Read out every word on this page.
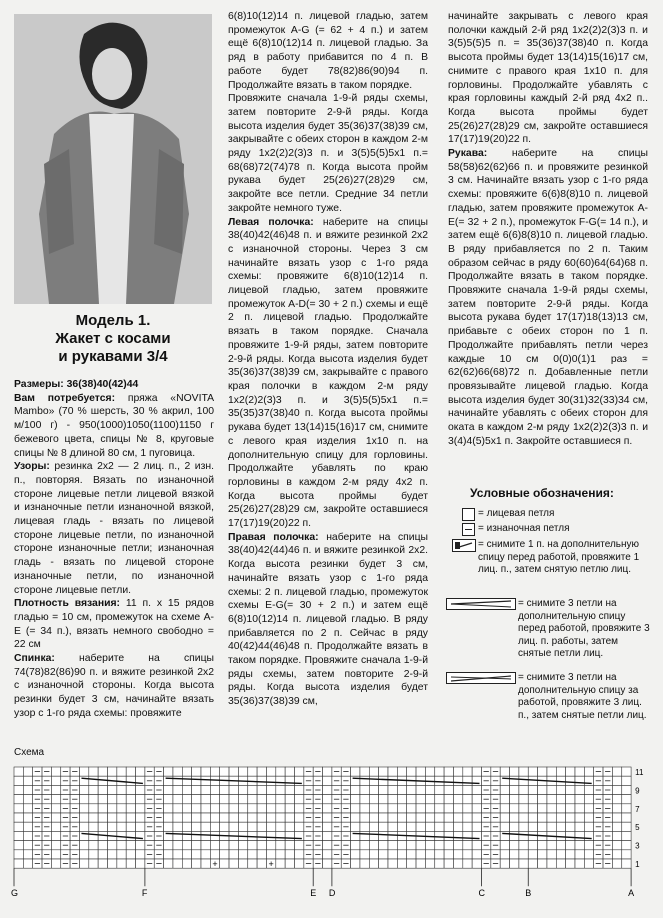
Модель 1.
Жакет с косами
и рукавами 3/4

Размеры: 36(38)40(42)44

Вам потребуется: пряжа «NOVITA Mambo» (70 % шерсть, 30 % акрил, 100 м/100 г) - 950(1000)1050(1100)1150 г бежевого цвета, спицы № 8, круговые спицы № 8 длиной 80 см, 1 пуговица.

Узоры: резинка 2х2 — 2 лиц. п., 2 изн. п., повторяя. Вязать по изнаночной стороне лицевые петли лицевой вязкой и изнаночные петли изнаночной вязкой, лицевая гладь - вязать по лицевой стороне лицевые петли, по изнаночной стороне изнаночные петли; изнаночная гладь - вязать по лицевой стороне изнаночные петли, по изнаночной стороне лицевые петли.

Плотность вязания: 11 п. х 15 рядов гладью = 10 см, промежуток на схеме A-E (= 34 п.), вязать немного свободно = 22 см

Спинка: наберите на спицы 74(78)82(86)90 п. и вяжите резинкой 2х2 с изнаночной стороны. Когда высота резинки будет 3 см, начинайте вязать узор с 1-го ряда схемы: провяжите

6(8)10(12)14 п. лицевой гладью, затем промежуток A-G (= 62 + 4 п.) и затем ещё 6(8)10(12)14 п. лицевой гладью. За ряд в работу прибавится по 4 п. В работе будет 78(82)86(90)94 п. Продолжайте вязать в таком порядке.

Провяжите сначала 1-9-й ряды схемы, затем повторите 2-9-й ряды. Когда высота изделия будет 35(36)37(38)39 см, закрывайте с обеих сторон в каждом 2-м ряду 1х2(2)2(3)3 п. и 3(5)5(5)5х1 п.= 68(68)72(74)78 п. Когда высота пройм рукава будет 25(26)27(28)29 см, закройте все петли. Средние 34 петли закройте немного туже.

Левая полочка: наберите на спицы 38(40)42(46)48 п. и вяжите резинкой 2х2 с изнаночной стороны. Через 3 см начинайте вязать узор с 1-го ряда схемы: провяжите 6(8)10(12)14 п. лицевой гладью, затем провяжите промежуток A-D(= 30 + 2 п.) схемы и ещё 2 п. лицевой гладью. Продолжайте вязать в таком порядке. Сначала провяжите 1-9-й ряды, затем повторите 2-9-й ряды. Когда высота изделия будет 35(36)37(38)39 см, закрывайте с правого края полочки в каждом 2-м ряду 1х2(2)2(3)3 п. и 3(5)5(5)5х1 п.= 35(35)37(38)40 п. Когда высота проймы рукава будет 13(14)15(16)17 см, снимите с левого края изделия 1х10 п. на дополнительную спицу для горловины. Продолжайте убавлять по краю горловины в каждом 2-м ряду 4х2 п. Когда высота проймы будет 25(26)27(28)29 см, закройте оставшиеся 17(17)19(20)22 п.

Правая полочка: наберите на спицы 38(40)42(44)46 п. и вяжите резинкой 2х2. Когда высота резинки будет 3 см, начинайте вязать узор с 1-го ряда схемы: 2 п. лицевой гладью, промежуток схемы E-G(= 30 + 2 п.) и затем ещё 6(8)10(12)14 п. лицевой гладью. В ряду прибавляется по 2 п. Сейчас в ряду 40(42)44(46)48 п. Продолжайте вязать в таком порядке. Провяжите сначала 1-9-й ряды схемы, затем повторите 2-9-й ряды. Когда высота изделия будет 35(36)37(38)39 см,

начинайте закрывать с левого края полочки каждый 2-й ряд 1х2(2)2(3)3 п. и 3(5)5(5)5 п. = 35(36)37(38)40 п. Когда высота проймы будет 13(14)15(16)17 см, снимите с правого края 1х10 п. для горловины. Продолжайте убавлять с края горловины каждый 2-й ряд 4х2 п.. Когда высота проймы будет 25(26)27(28)29 см, закройте оставшиеся 17(17)19(20)22 п.

Рукава: наберите на спицы 58(58)62(62)66 п. и провяжите резинкой 3 см. Начинайте вязать узор с 1-го ряда схемы: провяжите 6(6)8(8)10 п. лицевой гладью, затем провяжите промежуток A-E(= 32 + 2 п.), промежуток F-G(= 14 п.), и затем ещё 6(6)8(8)10 п. лицевой гладью. В ряду прибавляется по 2 п. Таким образом сейчас в ряду 60(60)64(64)68 п. Продолжайте вязать в таком порядке. Провяжите сначала 1-9-й ряды схемы, затем повторите 2-9-й ряды. Когда высота рукава будет 17(17)18(13)13 см, прибавьте с обеих сторон по 1 п. Продолжайте прибавлять петли через каждые 10 см 0(0)0(1)1 раз = 62(62)66(68)72 п. Добавленные петли провязывайте лицевой гладью. Когда высота изделия будет 30(31)32(33)34 см, начинайте убавлять с обеих сторон для оката в каждом 2-м ряду 1х2(2)2(3)3 п. и 3(4)4(5)5х1 п. Закройте оставшиеся п.

Условные обозначения:
= лицевая петля
= изнаночная петля
= снимите 1 п. на дополнительную спицу перед работой, провяжите 1 лиц. п., затем снятую петлю лиц.
= снимите 3 петли на дополнительную спицу перед работой, провяжите 3 лиц. п. работы, затем снятые петли лиц.
= снимите 3 петли на дополнительную спицу за работой, провяжите 3 лиц. п., затем снятые петли лиц.
Схема
+	+
11
9
7
5
3
1
G	F	E D	C	B	A
